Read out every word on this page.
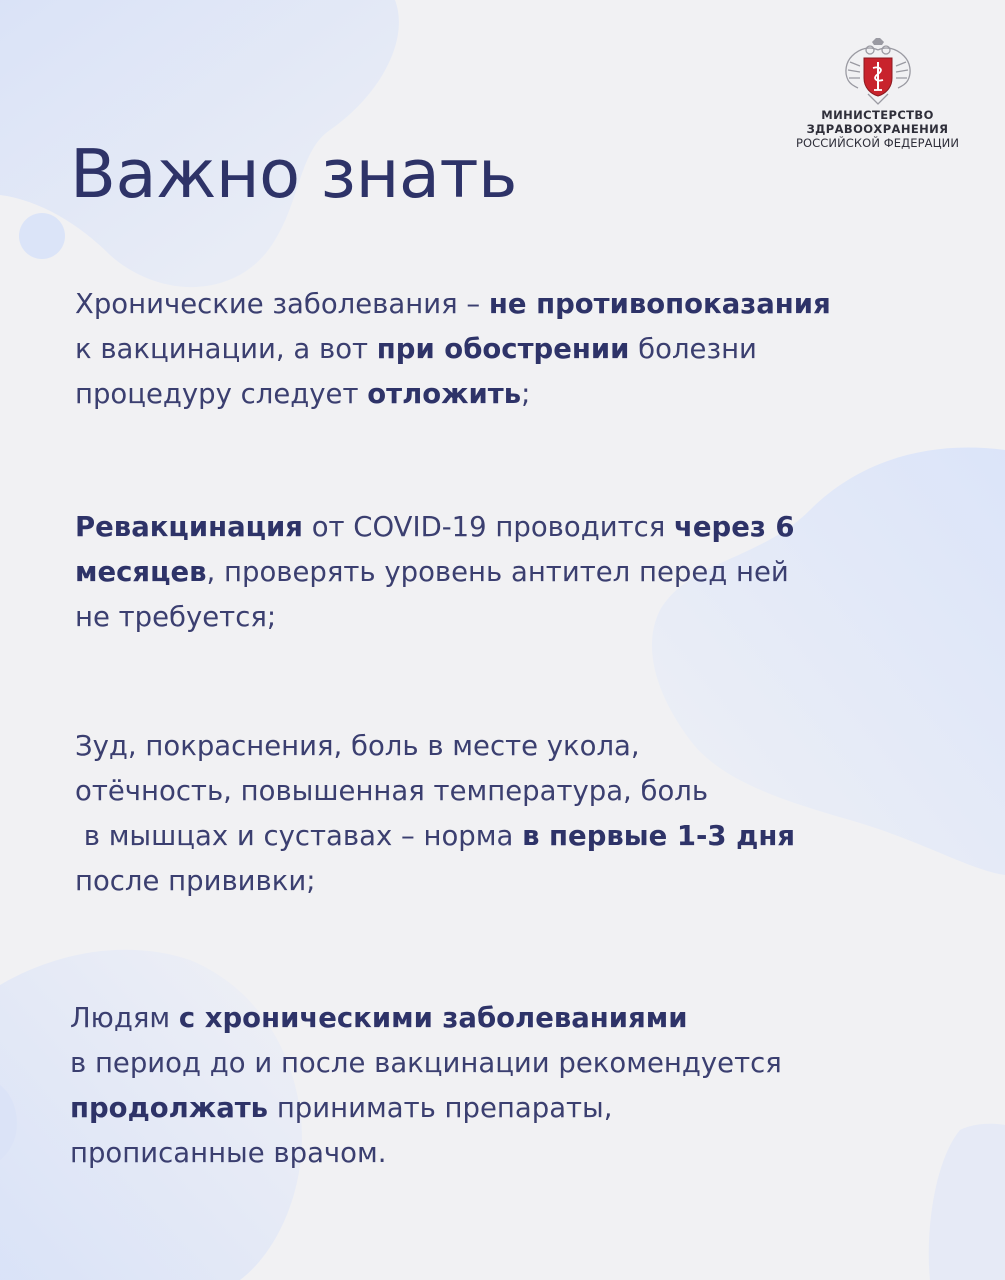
МИНИСТЕРСТВО
ЗДРАВООХРАНЕНИЯ
РОССИЙСКОЙ ФЕДЕРАЦИИ
Важно знать
Хронические заболевания – не противопоказания
к вакцинации, а вот при обострении болезни
процедуру следует отложить;
Ревакцинация от COVID-19 проводится через 6
месяцев, проверять уровень антител перед ней
не требуется;
Зуд, покраснения, боль в месте укола,
отёчность, повышенная температура, боль
в мышцах и суставах – норма в первые 1-3 дня
после прививки;
Людям с хроническими заболеваниями
в период до и после вакцинации рекомендуется
продолжать принимать препараты,
прописанные врачом.
